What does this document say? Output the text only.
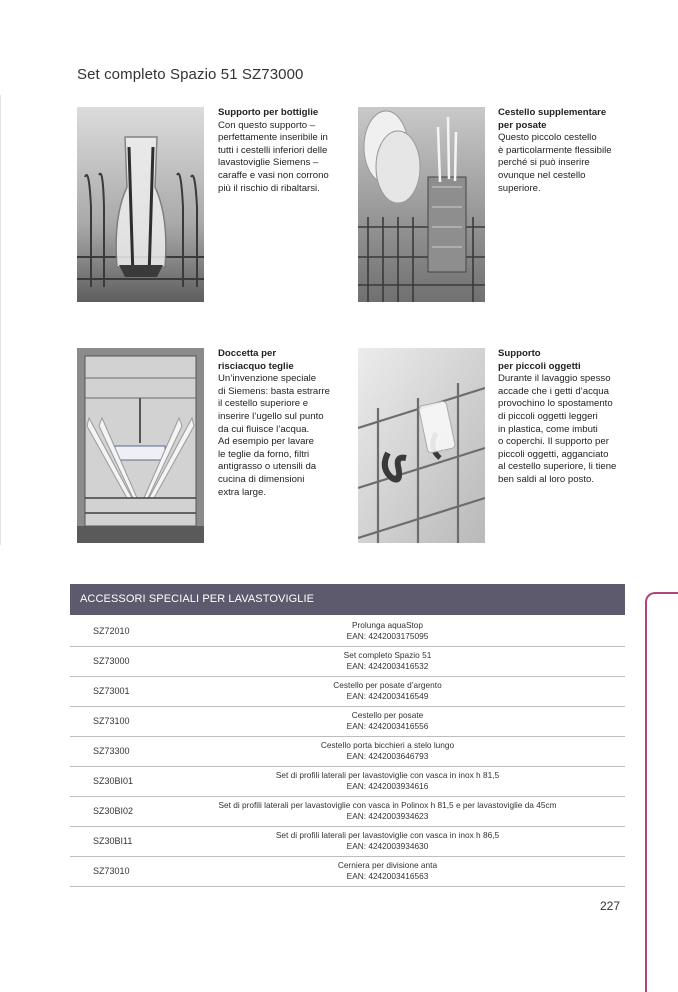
Set completo Spazio 51 SZ73000
Supporto per bottiglie
Con questo supporto –
perfettamente inseribile in
tutti i cestelli inferiori delle
lavastoviglie Siemens –
caraffe e vasi non corrono
più il rischio di ribaltarsi.
Cestello supplementare
per posate
Questo piccolo cestello
è particolarmente flessibile
perché si può inserire
ovunque nel cestello
superiore.
Doccetta per
risciacquo teglie
Un’invenzione speciale
di Siemens: basta estrarre
il cestello superiore e
inserire l’ugello sul punto
da cui fluisce l’acqua.
Ad esempio per lavare
le teglie da forno, filtri
antigrasso o utensili da
cucina di dimensioni
extra large.
Supporto
per piccoli oggetti
Durante il lavaggio spesso
accade che i getti d’acqua
provochino lo spostamento
di piccoli oggetti leggeri
in plastica, come imbuti
o coperchi. Il supporto per
piccoli oggetti, agganciato
al cestello superiore, li tiene
ben saldi al loro posto.
ACCESSORI SPECIALI PER LAVASTOVIGLIE
SZ72010
Prolunga aquaStop
EAN: 4242003175095
SZ73000
Set completo Spazio 51
EAN: 4242003416532
SZ73001
Cestello per posate d’argento
EAN: 4242003416549
SZ73100
Cestello per posate
EAN: 4242003416556
SZ73300
Cestello porta bicchieri a stelo lungo
EAN: 4242003646793
SZ30BI01
Set di profili laterali per lavastoviglie con vasca in inox h 81,5
EAN: 4242003934616
SZ30BI02
Set di profili laterali per lavastoviglie con vasca in Polinox h 81,5 e per lavastoviglie da 45cm
EAN: 4242003934623
SZ30BI11
Set di profili laterali per lavastoviglie con vasca in inox h 86,5
EAN: 4242003934630
SZ73010
Cerniera per divisione anta
EAN: 4242003416563
227
